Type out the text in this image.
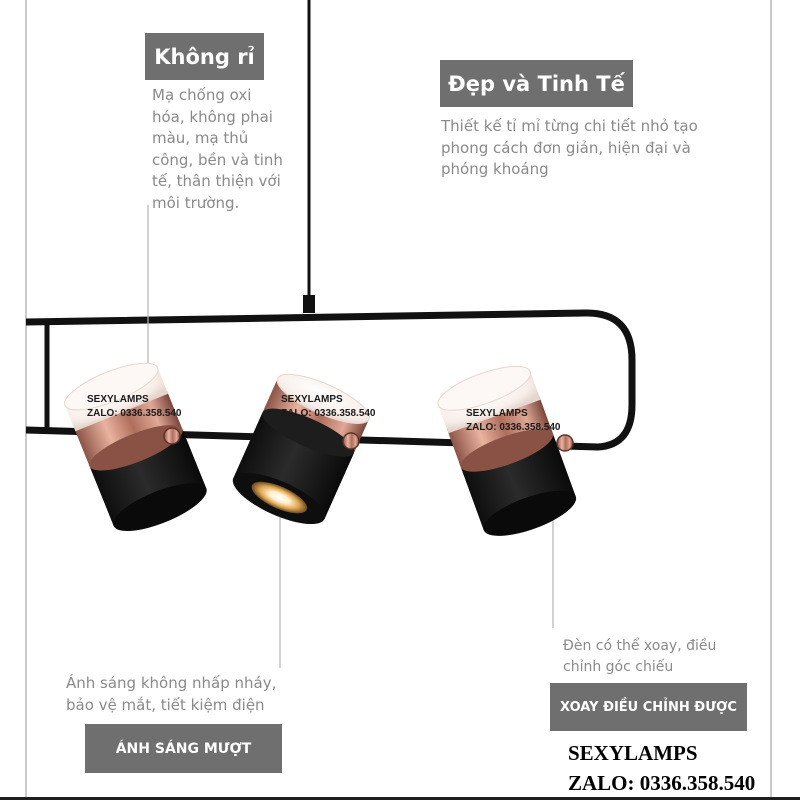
Không rỉ
Mạ chống oxi
hóa, không phai
màu, mạ thủ
công, bền và tinh
tế, thân thiện với
môi trường.
Đẹp và Tinh Tế
Thiết kế tỉ mỉ từng chi tiết nhỏ tạo
phong cách đơn giản, hiện đại và
phóng khoáng
Ánh sáng không nhấp nháy,
bảo vệ mắt, tiết kiệm điện
ÁNH SÁNG MƯỢT
Đèn có thể xoay, điều
chỉnh góc chiếu
XOAY ĐIỀU CHỈNH ĐƯỢC
SEXYLAMPS
ZALO: 0336.358.540
SEXYLAMPS
ZALO: 0336.358.540	SEXYLAMPS
ZALO: 0336.358.540
SEXYLAMPS
ZALO: 0336.358.540
